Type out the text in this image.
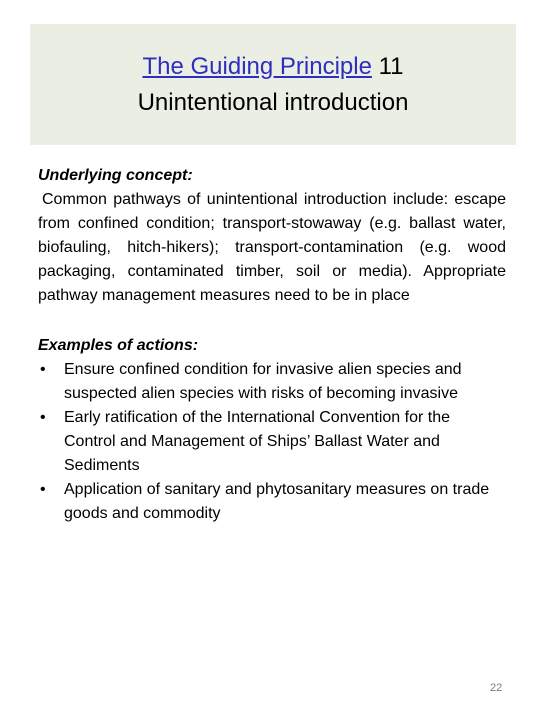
The Guiding Principle 11
Unintentional introduction
Underlying concept:

Common pathways of unintentional introduction include: escape from confined condition; transport-stowaway (e.g. ballast water, biofauling, hitch-hikers); transport-contamination (e.g. wood packaging, contaminated timber, soil or media). Appropriate pathway management measures need to be in place

Examples of actions:
• Ensure confined condition for invasive alien species and suspected alien species with risks of becoming invasive
• Early ratification of the International Convention for the Control and Management of Ships’ Ballast Water and Sediments
• Application of sanitary and phytosanitary measures on trade goods and commodity
22
